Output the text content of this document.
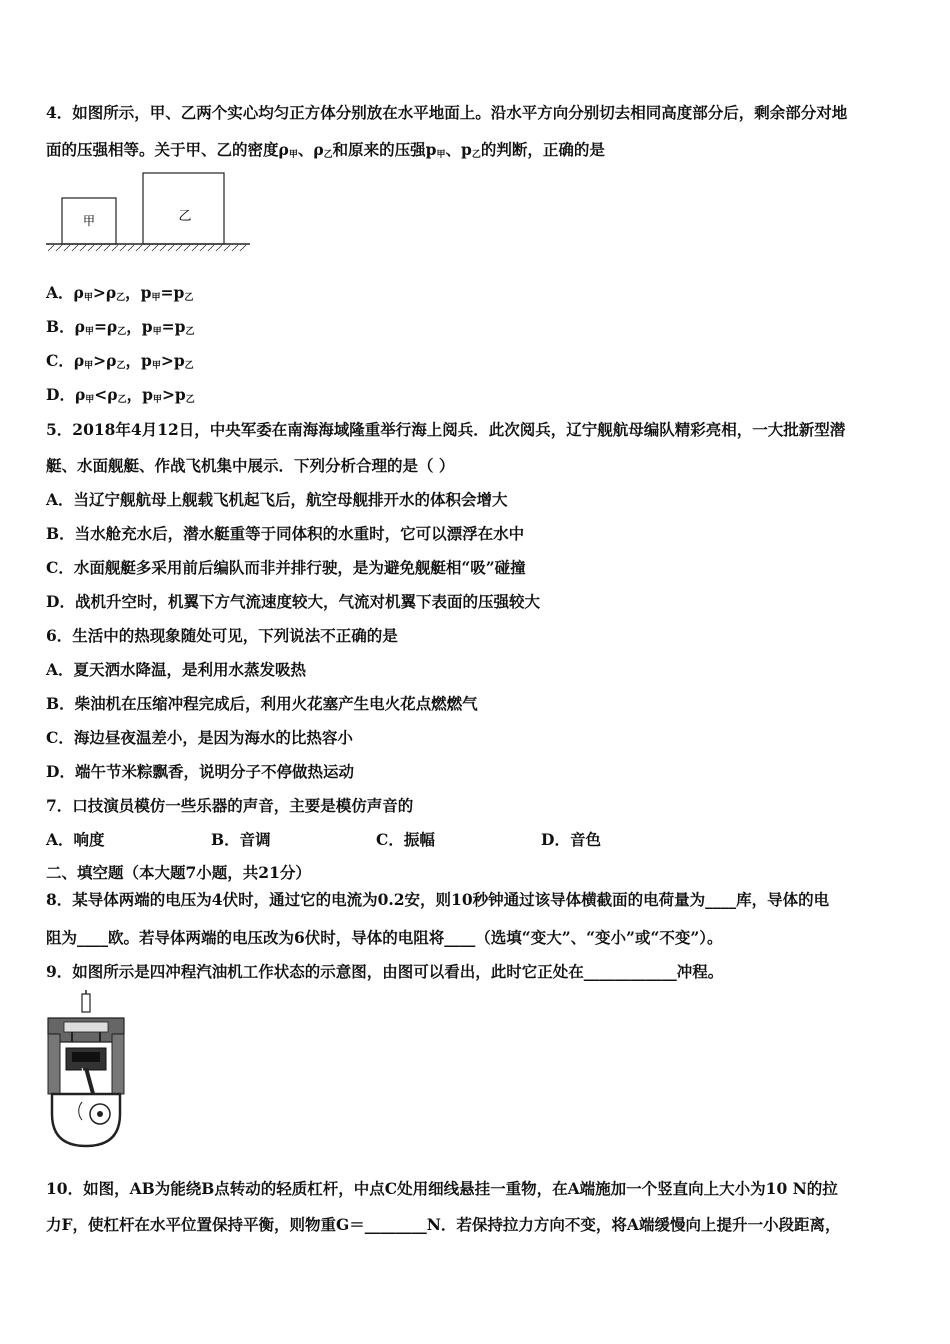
4．如图所示，甲、乙两个实心均匀正方体分别放在水平地面上。沿水平方向分别切去相同高度部分后，剩余部分对地
面的压强相等。关于甲、乙的密度$\rho_甲$、$\rho_乙$和原来的压强$p_甲$、$p_乙$的判断，正确的是
甲	乙
A．$\rho_甲>\rho_乙$，$p_甲=p_乙$
B．$\rho_甲=\rho_乙$，$p_甲=p_乙$
C．$\rho_甲>\rho_乙$，$p_甲>p_乙$
D．$\rho_甲<\rho_乙$，$p_甲>p_乙$
5．2018年4月12日，中央军委在南海海域隆重举行海上阅兵．此次阅兵，辽宁舰航母编队精彩亮相，一大批新型潜
艇、水面舰艇、作战飞机集中展示．下列分析合理的是（ ）
A．当辽宁舰航母上舰载飞机起飞后，航空母舰排开水的体积会增大
B．当水舱充水后，潜水艇重等于同体积的水重时，它可以漂浮在水中
C．水面舰艇多采用前后编队而非并排行驶，是为避免舰艇相“吸”碰撞
D．战机升空时，机翼下方气流速度较大，气流对机翼下表面的压强较大
6．生活中的热现象随处可见，下列说法不正确的是
A．夏天洒水降温，是利用水蒸发吸热
B．柴油机在压缩冲程完成后，利用火花塞产生电火花点燃燃气
C．海边昼夜温差小，是因为海水的比热容小
D．端午节米粽飘香，说明分子不停做热运动
7．口技演员模仿一些乐器的声音，主要是模仿声音的
A．响度	B．音调	C．振幅	D．音色
二、填空题（本大题7小题，共21分）
8．某导体两端的电压为4伏时，通过它的电流为0.2安，则10秒钟通过该导体横截面的电荷量为____库，导体的电
阻为____欧。若导体两端的电压改为6伏时，导体的电阻将____（选填“变大”、“变小”或“不变”）。
9．如图所示是四冲程汽油机工作状态的示意图，由图可以看出，此时它正处在____________冲程。
10．如图，AB为能绕B点转动的轻质杠杆，中点C处用细线悬挂一重物，在A端施加一个竖直向上大小为10 N的拉
力F，使杠杆在水平位置保持平衡，则物重G＝________N．若保持拉力方向不变，将A端缓慢向上提升一小段距离，
